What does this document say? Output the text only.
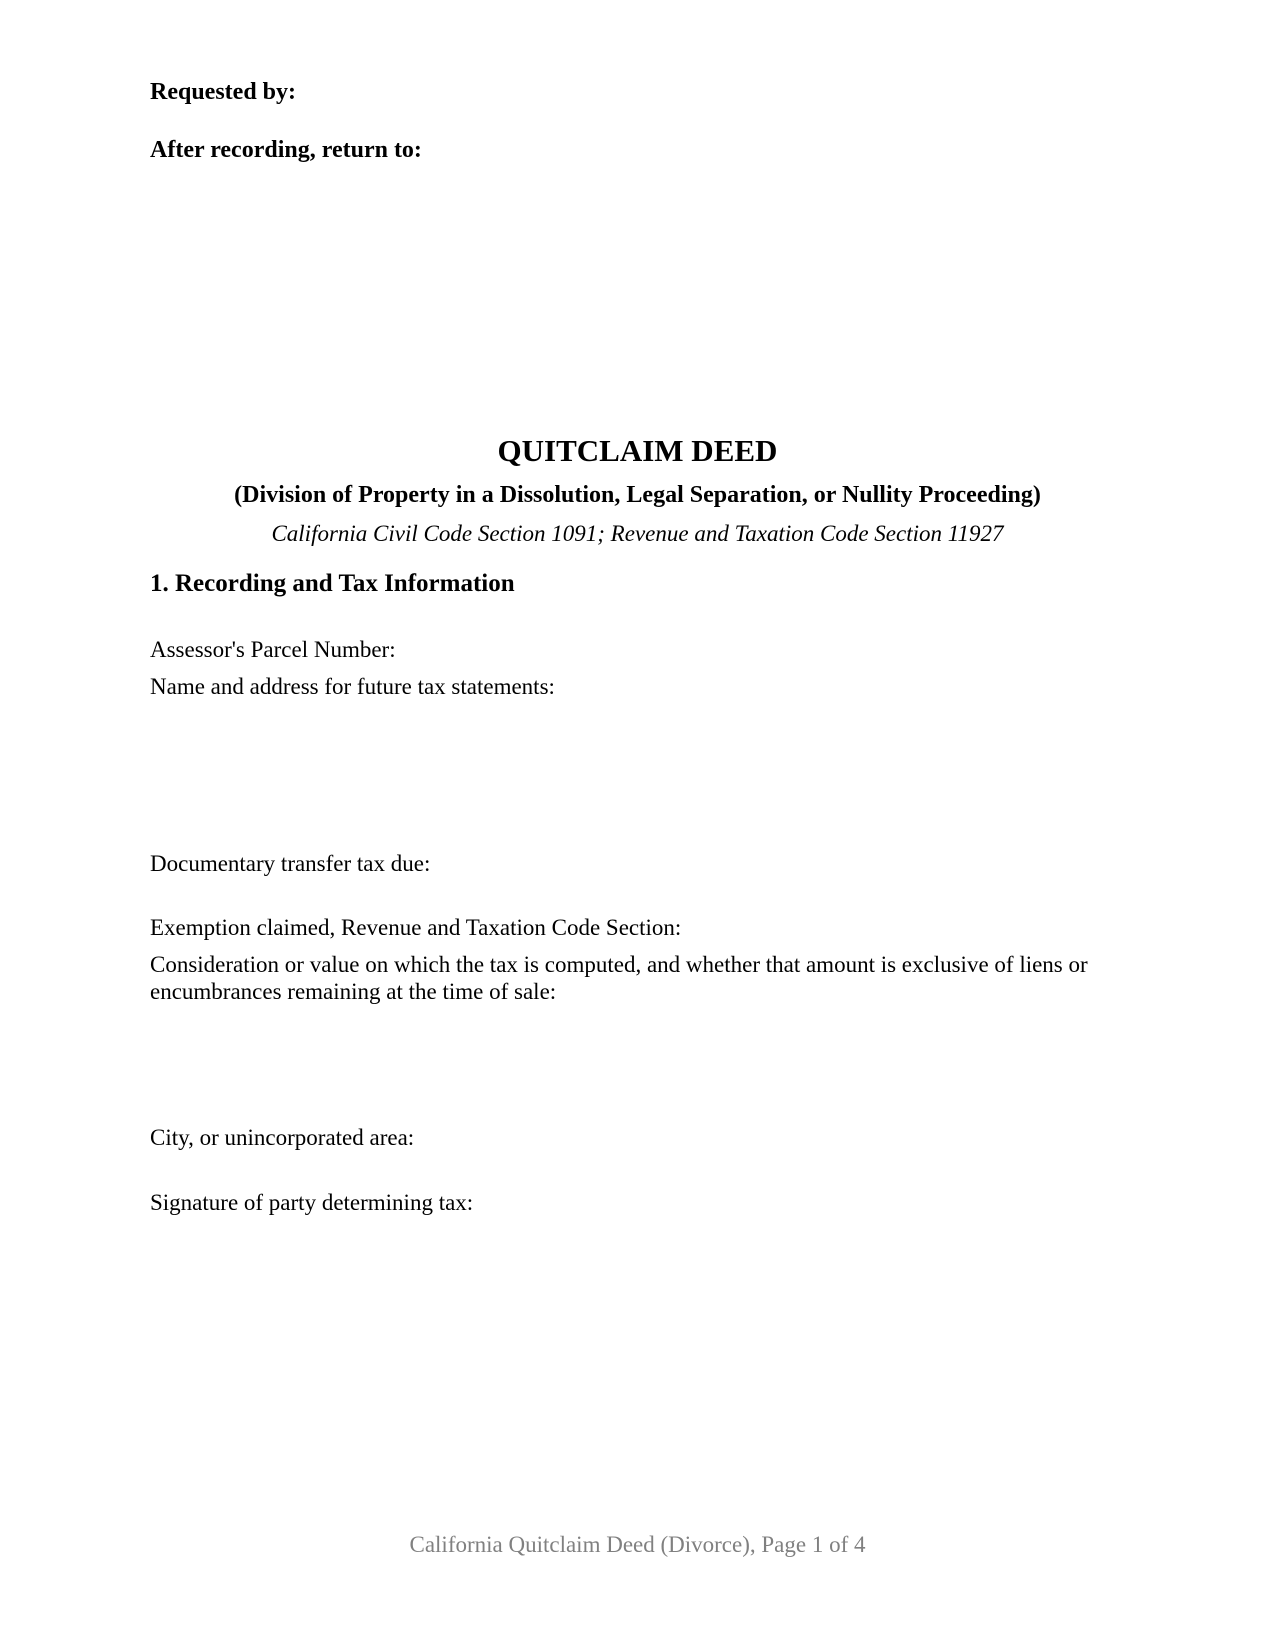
Requested by:
After recording, return to:
QUITCLAIM DEED
(Division of Property in a Dissolution, Legal Separation, or Nullity Proceeding)
California Civil Code Section 1091; Revenue and Taxation Code Section 11927
1. Recording and Tax Information
Assessor's Parcel Number:
Name and address for future tax statements:
Documentary transfer tax due:
Exemption claimed, Revenue and Taxation Code Section:
Consideration or value on which the tax is computed, and whether that amount is exclusive of liens or encumbrances remaining at the time of sale:
City, or unincorporated area:
Signature of party determining tax:
California Quitclaim Deed (Divorce), Page 1 of 4
